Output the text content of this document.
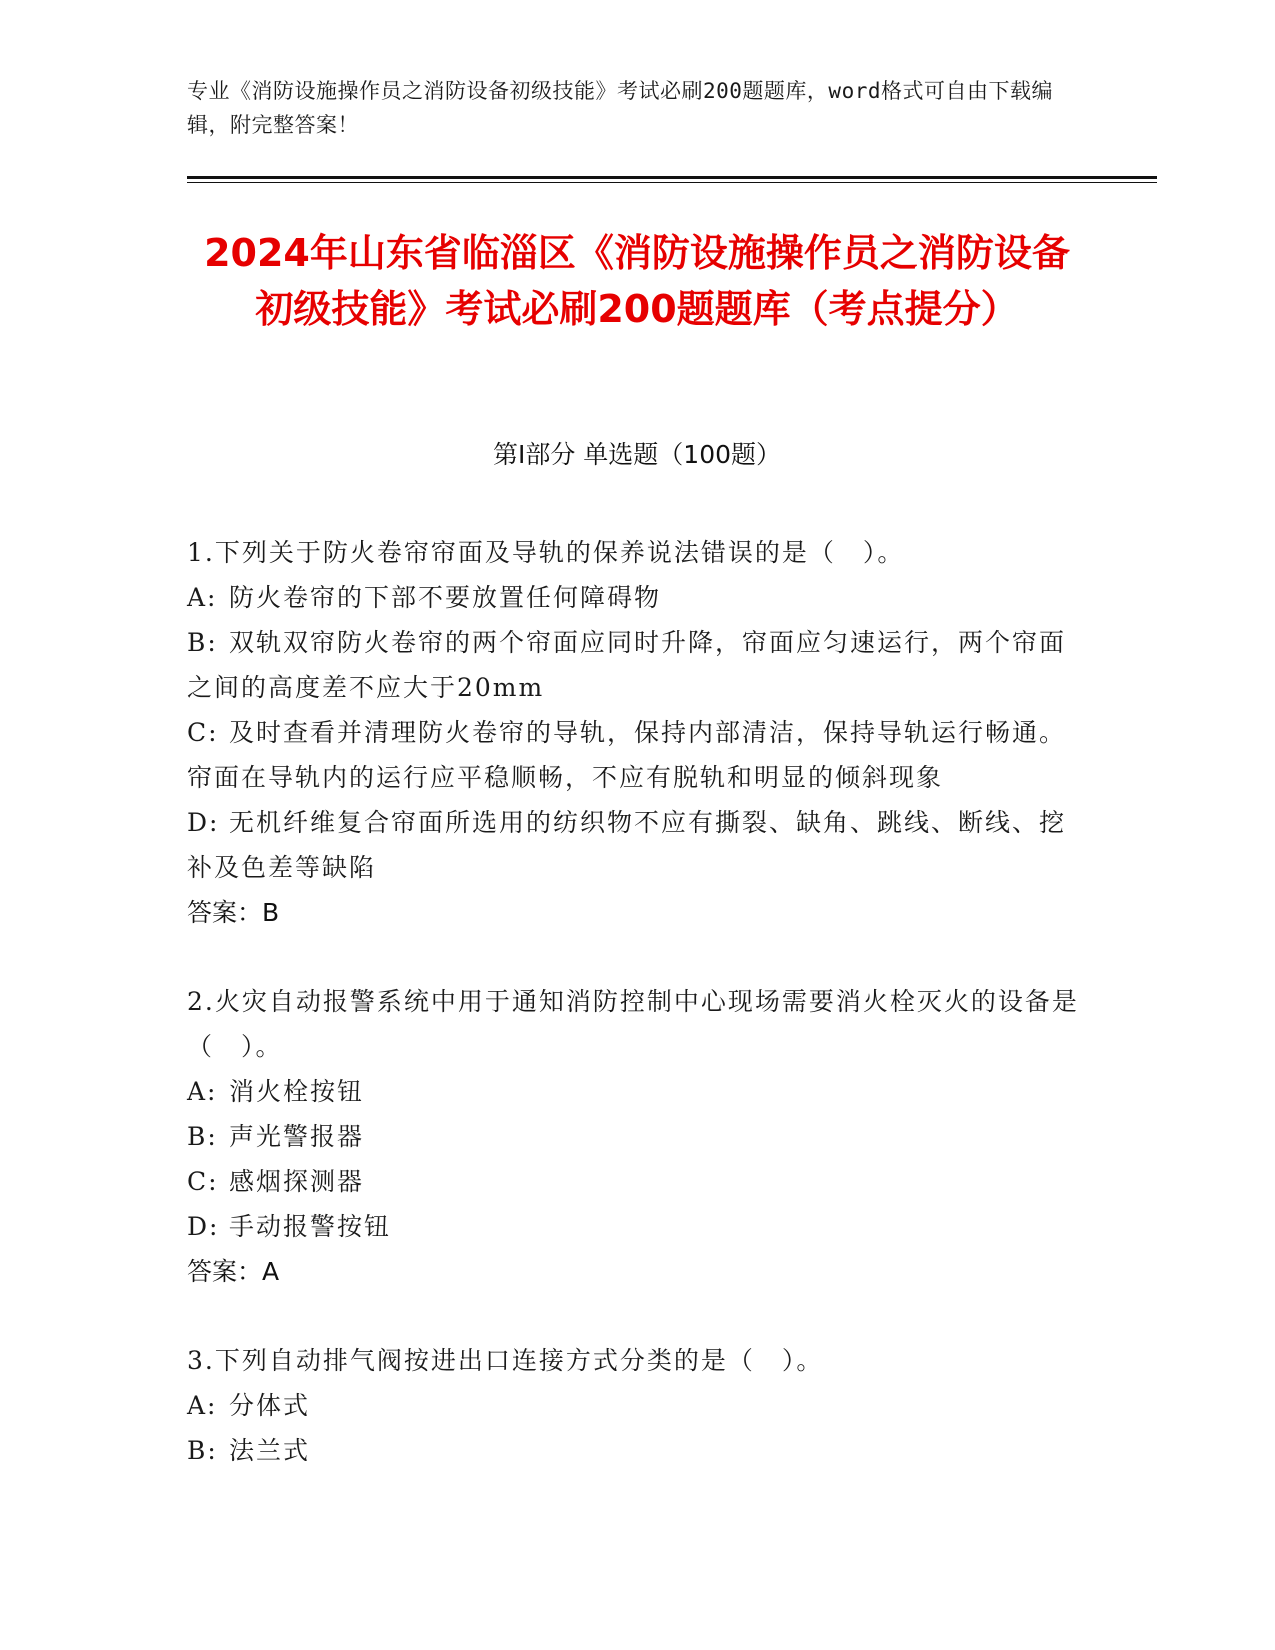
专业《消防设施操作员之消防设备初级技能》考试必刷200题题库，word格式可自由下载编辑，附完整答案！
2024年山东省临淄区《消防设施操作员之消防设备初级技能》考试必刷200题题库（考点提分）
第I部分 单选题（100题）

1.下列关于防火卷帘帘面及导轨的保养说法错误的是（　）。

A: 防火卷帘的下部不要放置任何障碍物

B: 双轨双帘防火卷帘的两个帘面应同时升降，帘面应匀速运行，两个帘面之间的高度差不应大于20mm

C: 及时查看并清理防火卷帘的导轨，保持内部清洁，保持导轨运行畅通。帘面在导轨内的运行应平稳顺畅，不应有脱轨和明显的倾斜现象

D: 无机纤维复合帘面所选用的纺织物不应有撕裂、缺角、跳线、断线、挖补及色差等缺陷

答案：B

2.火灾自动报警系统中用于通知消防控制中心现场需要消火栓灭火的设备是（　）。

A: 消火栓按钮

B: 声光警报器

C: 感烟探测器

D: 手动报警按钮

答案：A

3.下列自动排气阀按进出口连接方式分类的是（　）。

A: 分体式

B: 法兰式
